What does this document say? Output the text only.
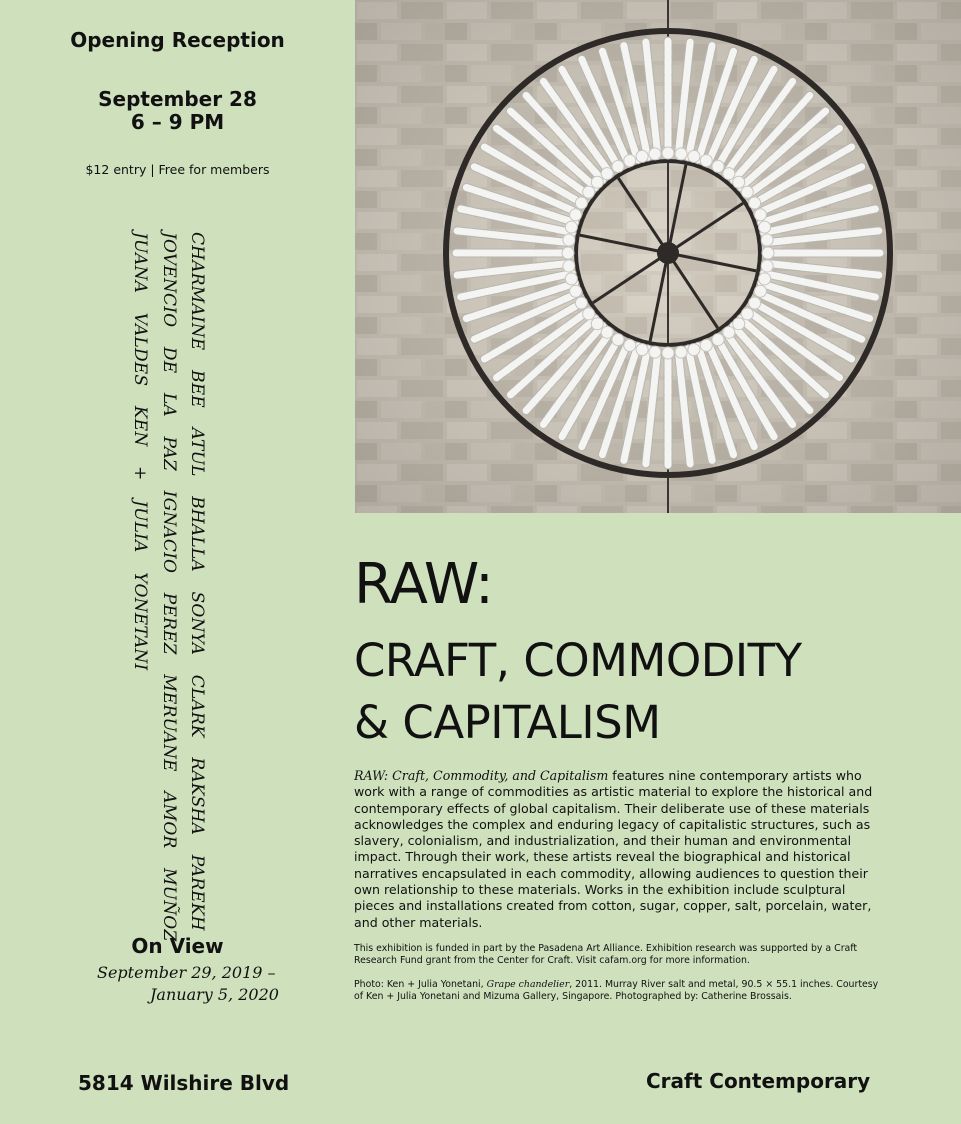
Opening Reception
September 28
6 – 9 PM
$12 entry | Free for members
CHARMAINE BEE ATUL BHALLA SONYA CLARK RAKSHA PAREKH
JOVENCIO DE LA PAZ IGNACIO PEREZ MERUANE AMOR MUÑOZ
JUANA VALDES KEN + JULIA YONETANI
On View
September 29, 2019 –
January 5, 2020
5814 Wilshire Blvd
RAW:
CRAFT, COMMODITY
& CAPITALISM
RAW: Craft, Commodity, and Capitalism features nine contemporary artists who work with a range of commodities as artistic material to explore the historical and contemporary effects of global capitalism. Their deliberate use of these materials acknowledges the complex and enduring legacy of capitalistic structures, such as slavery, colonialism, and industrialization, and their human and environmental impact. Through their work, these artists reveal the biographical and historical narratives encapsulated in each commodity, allowing audiences to question their own relationship to these materials. Works in the exhibition include sculptural pieces and installations created from cotton, sugar, copper, salt, porcelain, water, and other materials.
This exhibition is funded in part by the Pasadena Art Alliance. Exhibition research was supported by a Craft Research Fund grant from the Center for Craft. Visit cafam.org for more information.
Photo: Ken + Julia Yonetani, Grape chandelier, 2011. Murray River salt and metal, 90.5 × 55.1 inches. Courtesy of Ken + Julia Yonetani and Mizuma Gallery, Singapore. Photographed by: Catherine Brossais.
Craft Contemporary
